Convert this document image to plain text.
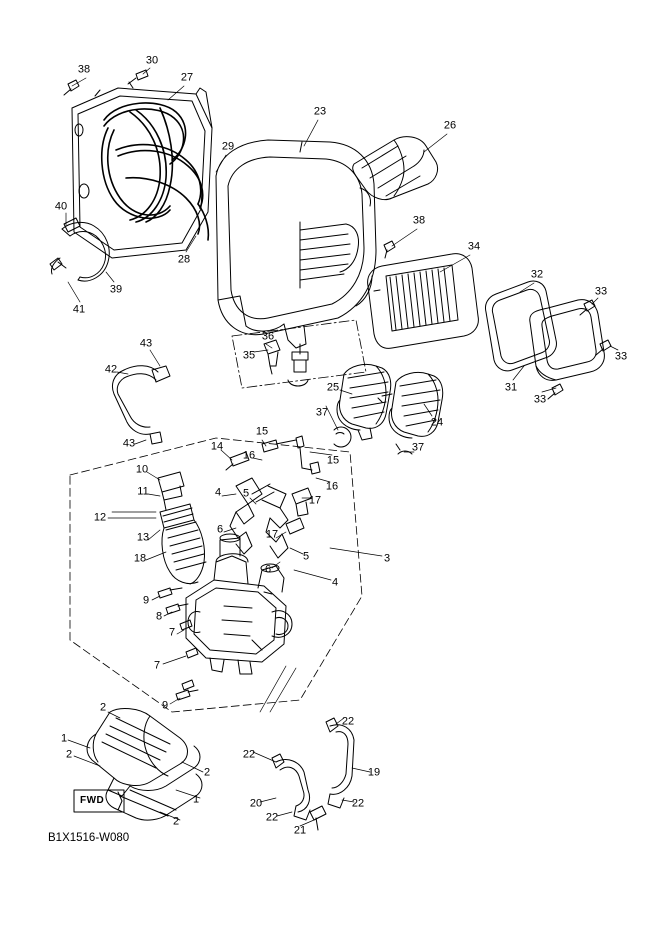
38
30
27
23
26
29
40
38
34
28
39
32
33
41
33
36
43
35
31
42
33
25
37
24
43	14
15
37
16	15
10
16
11	4 5
17
12
6
13	17
5
18	3
6
4
9
8
7
7
9
22
2
1
2	22
2	19
1	20
22
22
2
21
FWD
B1X1516-W080
